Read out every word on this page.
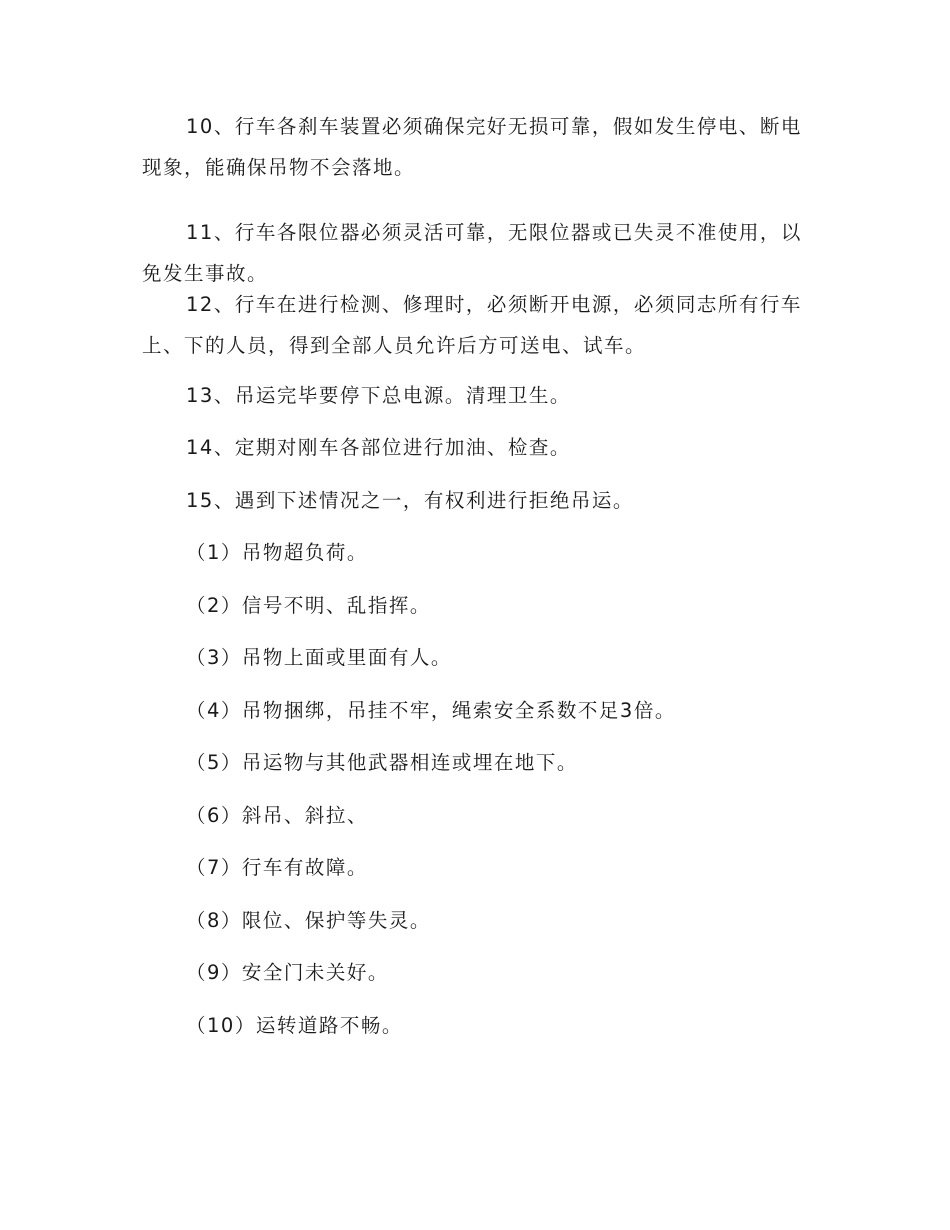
10、行车各刹车装置必须确保完好无损可靠，假如发生停电、断电现象，能确保吊物不会落地。

11、行车各限位器必须灵活可靠，无限位器或已失灵不准使用，以免发生事故。

12、行车在进行检测、修理时，必须断开电源，必须同志所有行车上、下的人员，得到全部人员允许后方可送电、试车。

13、吊运完毕要停下总电源。清理卫生。

14、定期对刚车各部位进行加油、检查。

15、遇到下述情况之一，有权利进行拒绝吊运。

（1）吊物超负荷。

（2）信号不明、乱指挥。

（3）吊物上面或里面有人。

（4）吊物捆绑，吊挂不牢，绳索安全系数不足3倍。

（5）吊运物与其他武器相连或埋在地下。

（6）斜吊、斜拉、

（7）行车有故障。

（8）限位、保护等失灵。

（9）安全门未关好。

（10）运转道路不畅。
